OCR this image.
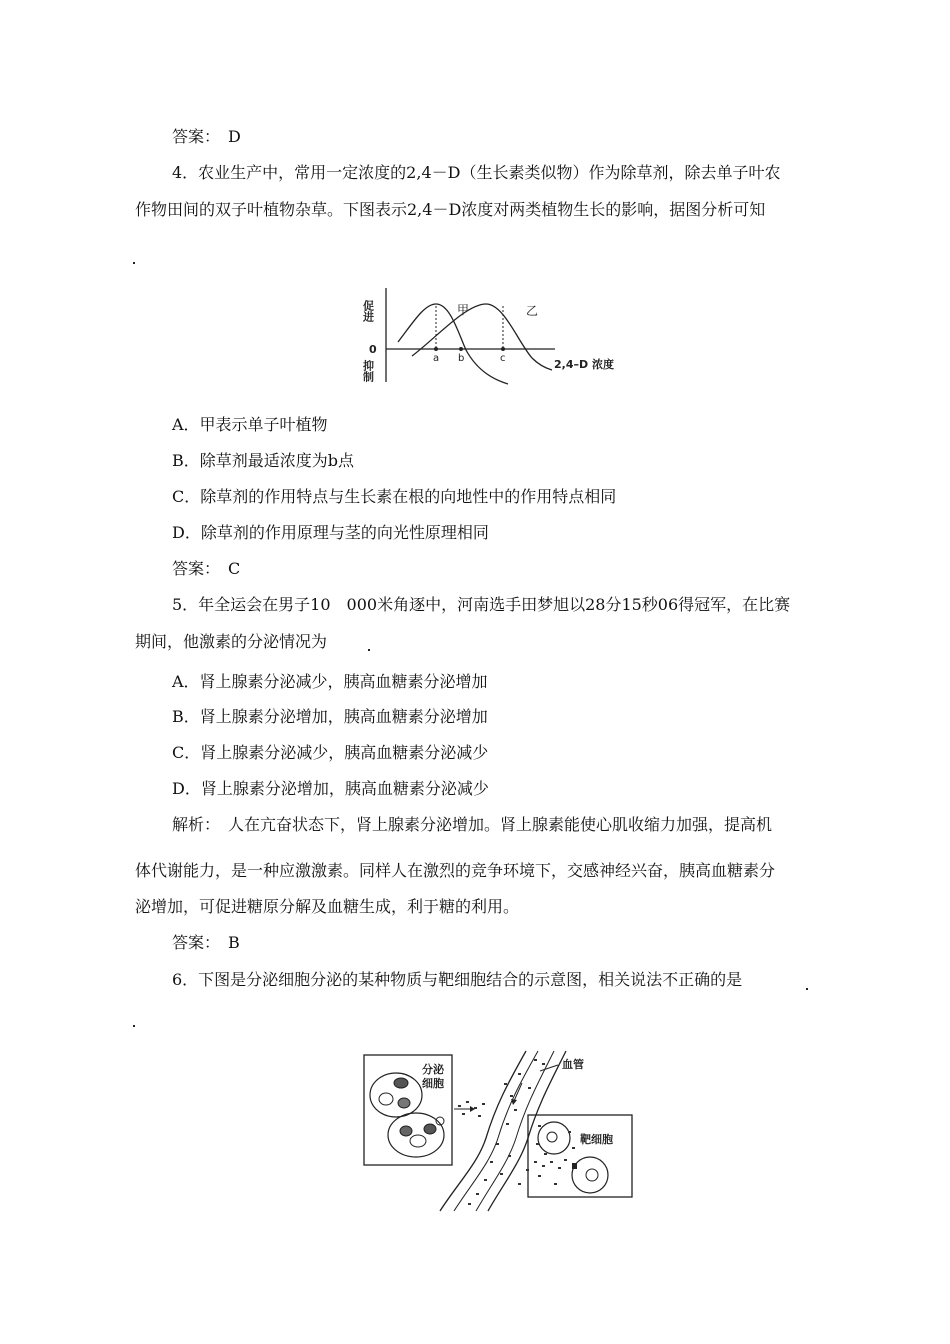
答案：　D
4．农业生产中，常用一定浓度的2,4－D（生长素类似物）作为除草剂，除去单子叶农
作物田间的双子叶植物杂草。下图表示2,4－D浓度对两类植物生长的影响，据图分析可知
促进
0
抑制
a b	c
甲	乙
2,4–D 浓度
A．甲表示单子叶植物
B．除草剂最适浓度为b点
C．除草剂的作用特点与生长素在根的向地性中的作用特点相同
D．除草剂的作用原理与茎的向光性原理相同
答案：　C
5．年全运会在男子10　000米角逐中，河南选手田梦旭以28分15秒06得冠军，在比赛
期间，他激素的分泌情况为
A．肾上腺素分泌减少，胰高血糖素分泌增加
B．肾上腺素分泌增加，胰高血糖素分泌增加
C．肾上腺素分泌减少，胰高血糖素分泌减少
D．肾上腺素分泌增加，胰高血糖素分泌减少
解析：　人在亢奋状态下，肾上腺素分泌增加。肾上腺素能使心肌收缩力加强，提高机
体代谢能力，是一种应激激素。同样人在激烈的竞争环境下，交感神经兴奋，胰高血糖素分
泌增加，可促进糖原分解及血糖生成，利于糖的利用。
答案：　B
6．下图是分泌细胞分泌的某种物质与靶细胞结合的示意图，相关说法不正确的是
分泌
细胞
血管
靶细胞
